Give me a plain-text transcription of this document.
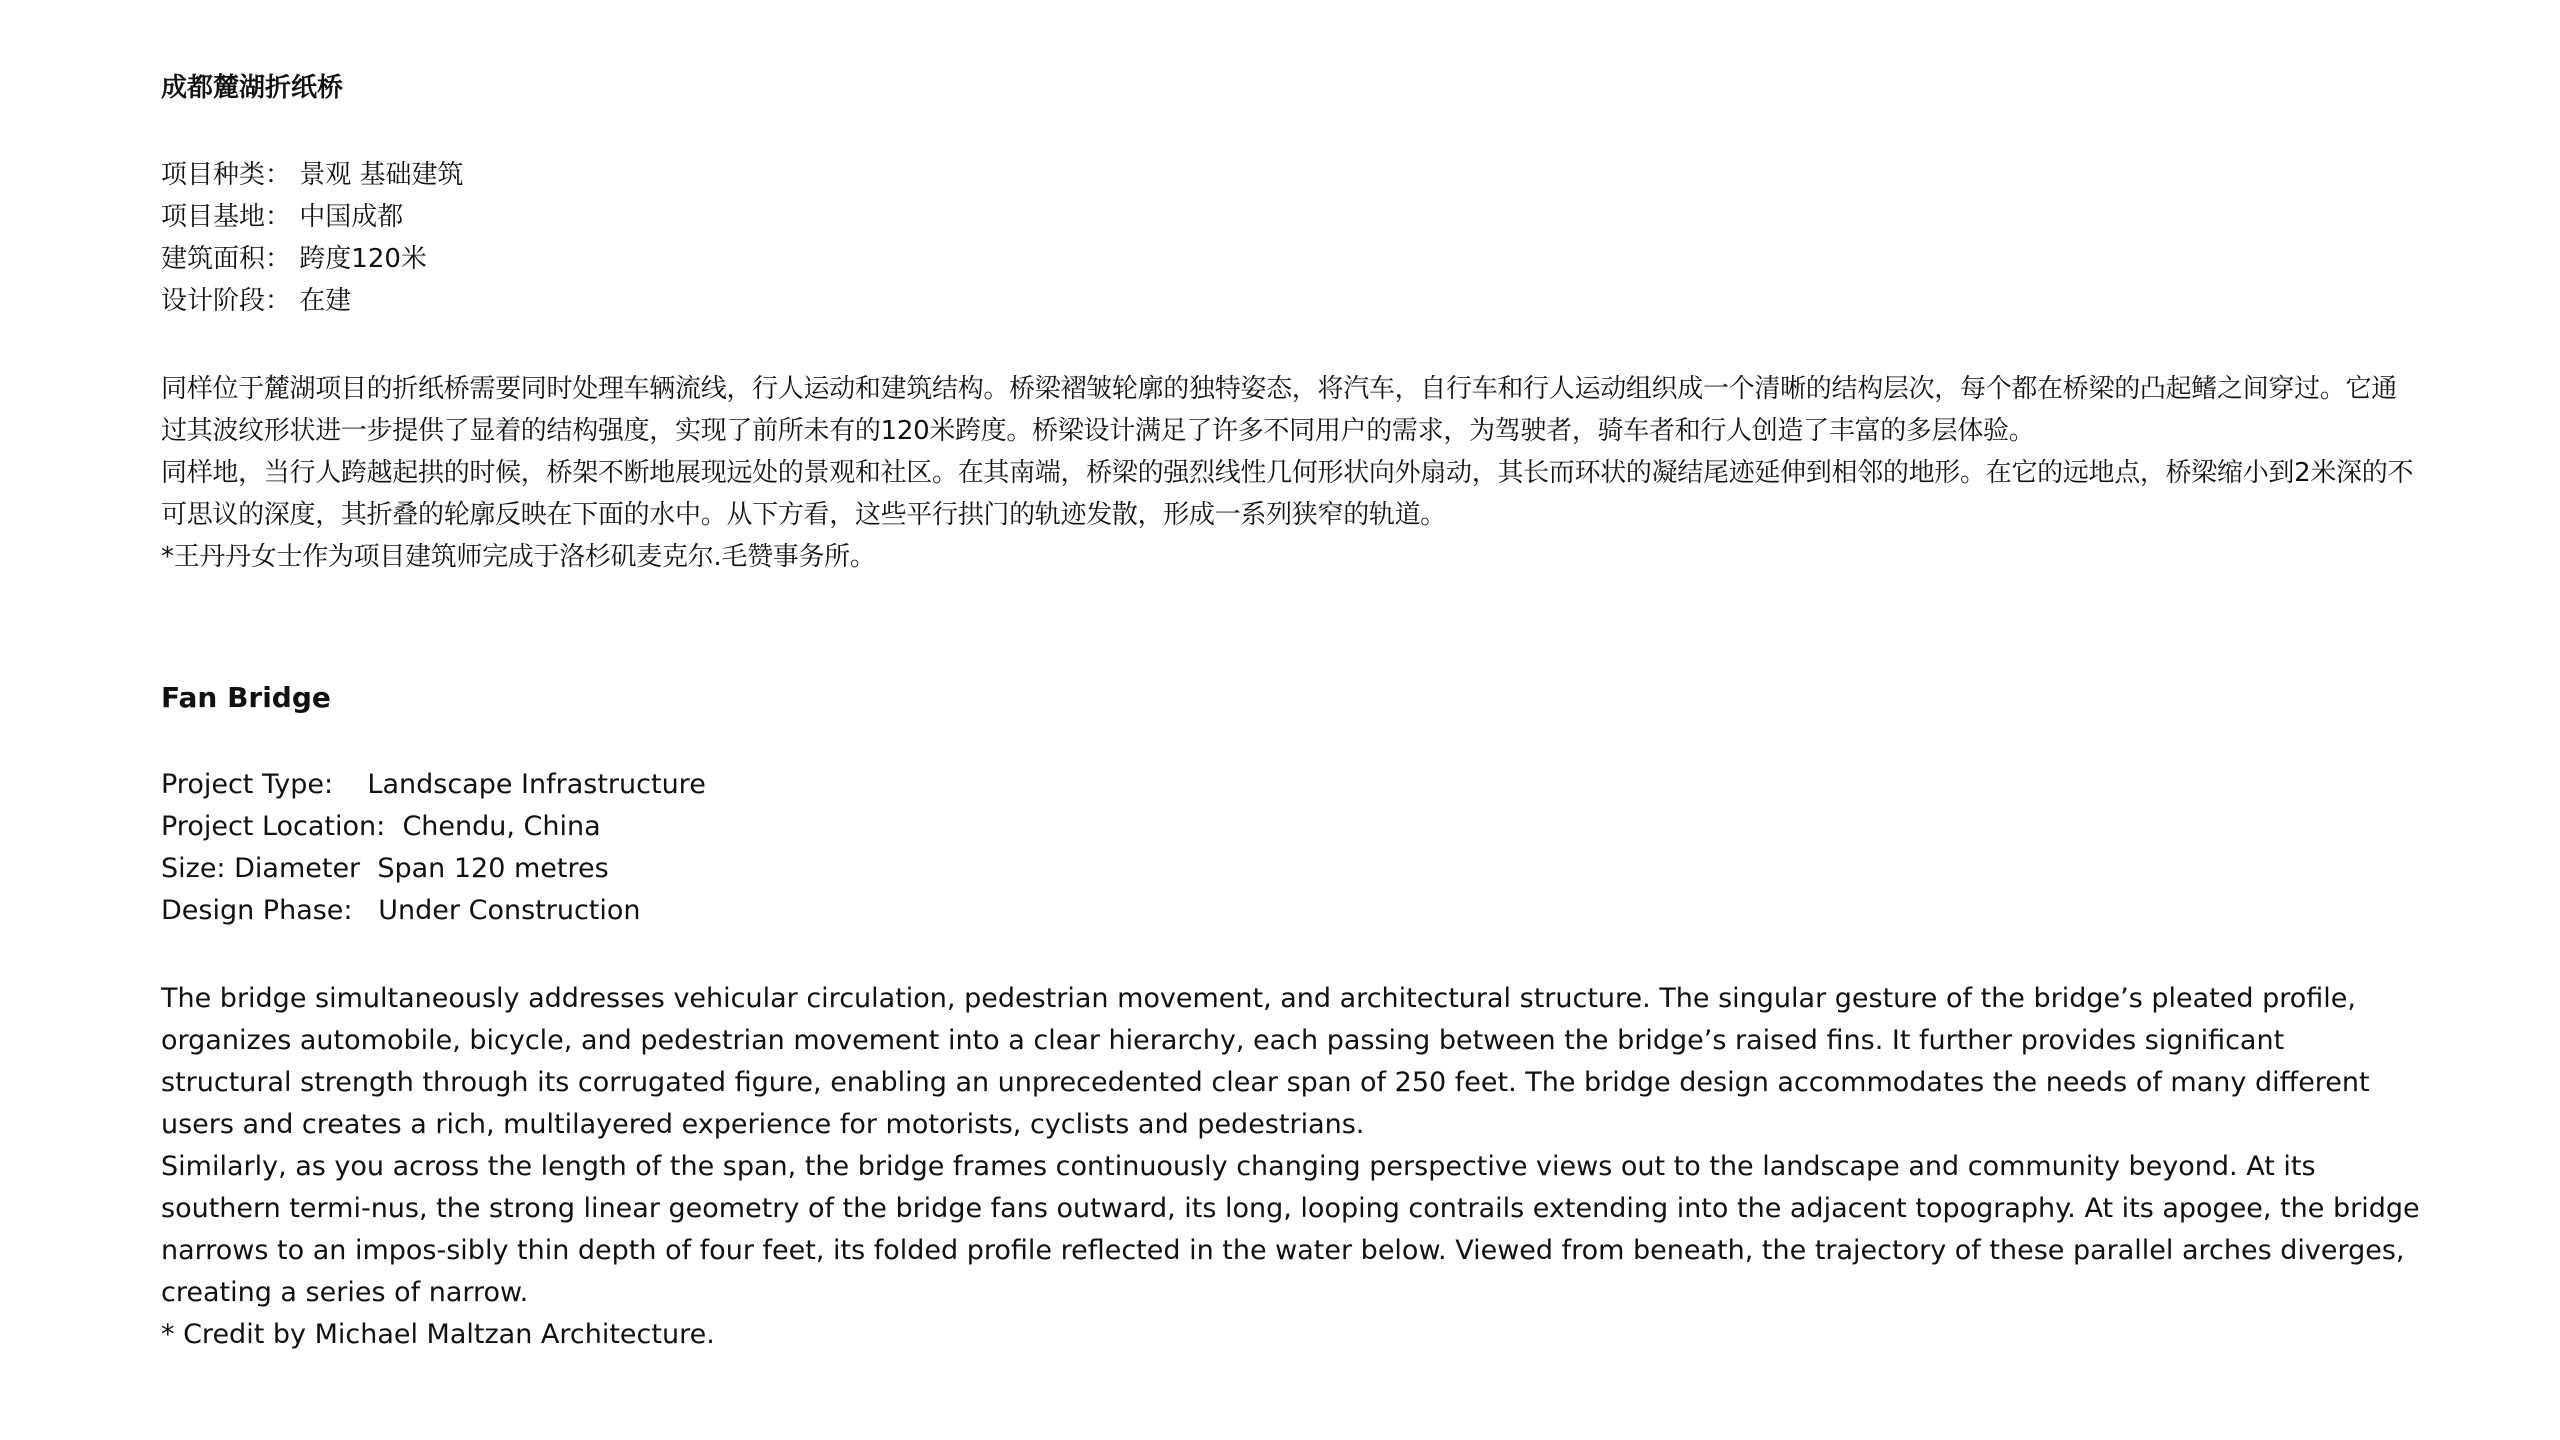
成都麓湖折纸桥
项目种类： 景观 基础建筑
项目基地： 中国成都
建筑面积： 跨度120米
设计阶段： 在建

同样位于麓湖项目的折纸桥需要同时处理车辆流线，行人运动和建筑结构。桥梁褶皱轮廓的独特姿态，将汽车，自行车和行人运动组织成一个清晰的结构层次，每个都在桥梁的凸起鳍之间穿过。它通过其波纹形状进一步提供了显着的结构强度，实现了前所未有的120米跨度。桥梁设计满足了许多不同用户的需求，为驾驶者，骑车者和行人创造了丰富的多层体验。

同样地，当行人跨越起拱的时候，桥架不断地展现远处的景观和社区。在其南端，桥梁的强烈线性几何形状向外扇动，其长而环状的凝结尾迹延伸到相邻的地形。在它的远地点，桥梁缩小到2米深的不可思议的深度，其折叠的轮廓反映在下面的水中。从下方看，这些平行拱门的轨迹发散，形成一系列狭窄的轨道。

*王丹丹女士作为项目建筑师完成于洛杉矶麦克尔.毛赞事务所。

Fan Bridge
Project Type: Landscape Infrastructure
Project Location: Chendu, China
Size: Diameter Span 120 metres
Design Phase: Under Construction

The bridge simultaneously addresses vehicular circulation, pedestrian movement, and architectural structure. The singular gesture of the bridge’s pleated profile, organizes automobile, bicycle, and pedestrian movement into a clear hierarchy, each passing between the bridge’s raised fins. It further provides significant structural strength through its corrugated figure, enabling an unprecedented clear span of 250 feet. The bridge design accommodates the needs of many different users and creates a rich, multilayered experience for motorists, cyclists and pedestrians.

Similarly, as you across the length of the span, the bridge frames continuously changing perspective views out to the landscape and community beyond. At its southern termi-nus, the strong linear geometry of the bridge fans outward, its long, looping contrails extending into the adjacent topography. At its apogee, the bridge narrows to an impos-sibly thin depth of four feet, its folded profile reflected in the water below. Viewed from beneath, the trajectory of these parallel arches diverges, creating a series of narrow.

* Credit by Michael Maltzan Architecture.
